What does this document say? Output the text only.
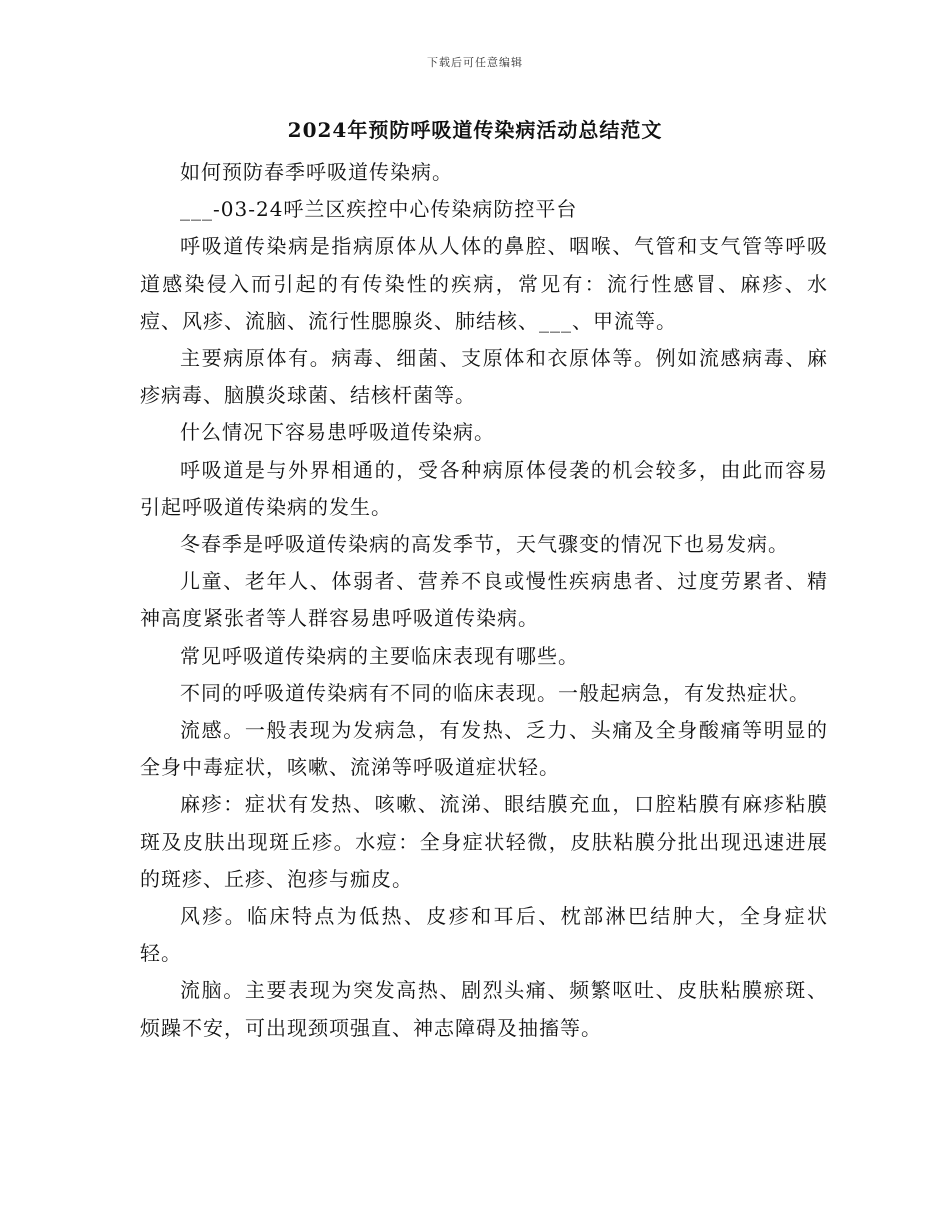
下载后可任意编辑
2024年预防呼吸道传染病活动总结范文

如何预防春季呼吸道传染病。

___-03-24呼兰区疾控中心传染病防控平台

呼吸道传染病是指病原体从人体的鼻腔、咽喉、气管和支气管等呼吸道感染侵入而引起的有传染性的疾病，常见有：流行性感冒、麻疹、水痘、风疹、流脑、流行性腮腺炎、肺结核、___、甲流等。

主要病原体有。病毒、细菌、支原体和衣原体等。例如流感病毒、麻疹病毒、脑膜炎球菌、结核杆菌等。

什么情况下容易患呼吸道传染病。

呼吸道是与外界相通的，受各种病原体侵袭的机会较多，由此而容易引起呼吸道传染病的发生。

冬春季是呼吸道传染病的高发季节，天气骤变的情况下也易发病。

儿童、老年人、体弱者、营养不良或慢性疾病患者、过度劳累者、精神高度紧张者等人群容易患呼吸道传染病。

常见呼吸道传染病的主要临床表现有哪些。

不同的呼吸道传染病有不同的临床表现。一般起病急，有发热症状。

流感。一般表现为发病急，有发热、乏力、头痛及全身酸痛等明显的全身中毒症状，咳嗽、流涕等呼吸道症状轻。

麻疹：症状有发热、咳嗽、流涕、眼结膜充血，口腔粘膜有麻疹粘膜斑及皮肤出现斑丘疹。水痘：全身症状轻微，皮肤粘膜分批出现迅速进展的斑疹、丘疹、泡疹与痂皮。

风疹。临床特点为低热、皮疹和耳后、枕部淋巴结肿大，全身症状轻。

流脑。主要表现为突发高热、剧烈头痛、频繁呕吐、皮肤粘膜瘀斑、烦躁不安，可出现颈项强直、神志障碍及抽搐等。
